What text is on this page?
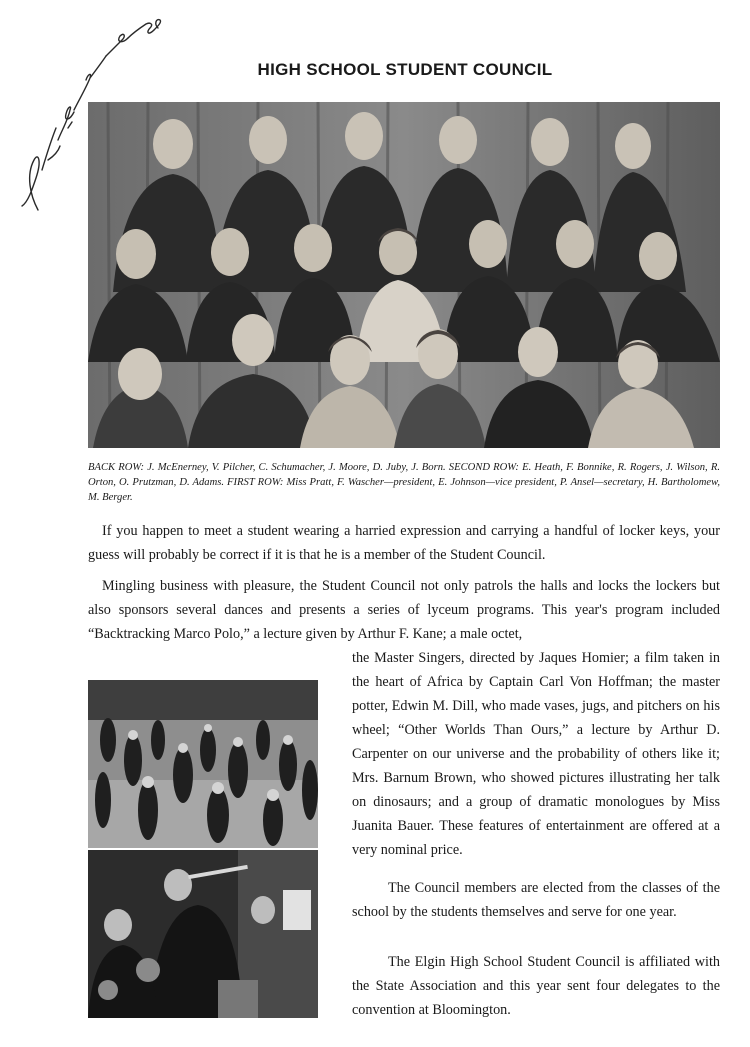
HIGH SCHOOL STUDENT COUNCIL
BACK ROW: J. McEnerney, V. Pilcher, C. Schumacher, J. Moore, D. Juby, J. Born. SECOND ROW: E. Heath, F. Bonnike, R. Rogers, J. Wilson, R. Orton, O. Prutzman, D. Adams. FIRST ROW: Miss Pratt, F. Wascher—president, E. Johnson—vice president, P. Ansel—secretary, H. Bartholomew, M. Berger.

If you happen to meet a student wearing a harried expression and carrying a handful of locker keys, your guess will probably be correct if it is that he is a member of the Student Council.

Mingling business with pleasure, the Student Council not only patrols the halls and locks the lockers but also sponsors several dances and presents a series of lyceum programs. This year's program included “Backtracking Marco Polo,” a lecture given by Arthur F. Kane; a male octet,

the Master Singers, directed by Jaques Homier; a film taken in the heart of Africa by Captain Carl Von Hoffman; the master potter, Edwin M. Dill, who made vases, jugs, and pitchers on his wheel; “Other Worlds Than Ours,” a lecture by Arthur D. Carpenter on our universe and the probability of others like it; Mrs. Barnum Brown, who showed pictures illustrating her talk on dinosaurs; and a group of dramatic monologues by Miss Juanita Bauer. These features of entertainment are offered at a very nominal price.

The Council members are elected from the classes of the school by the students themselves and serve for one year.

The Elgin High School Student Council is affiliated with the State Association and this year sent four delegates to the convention at Bloomington.
